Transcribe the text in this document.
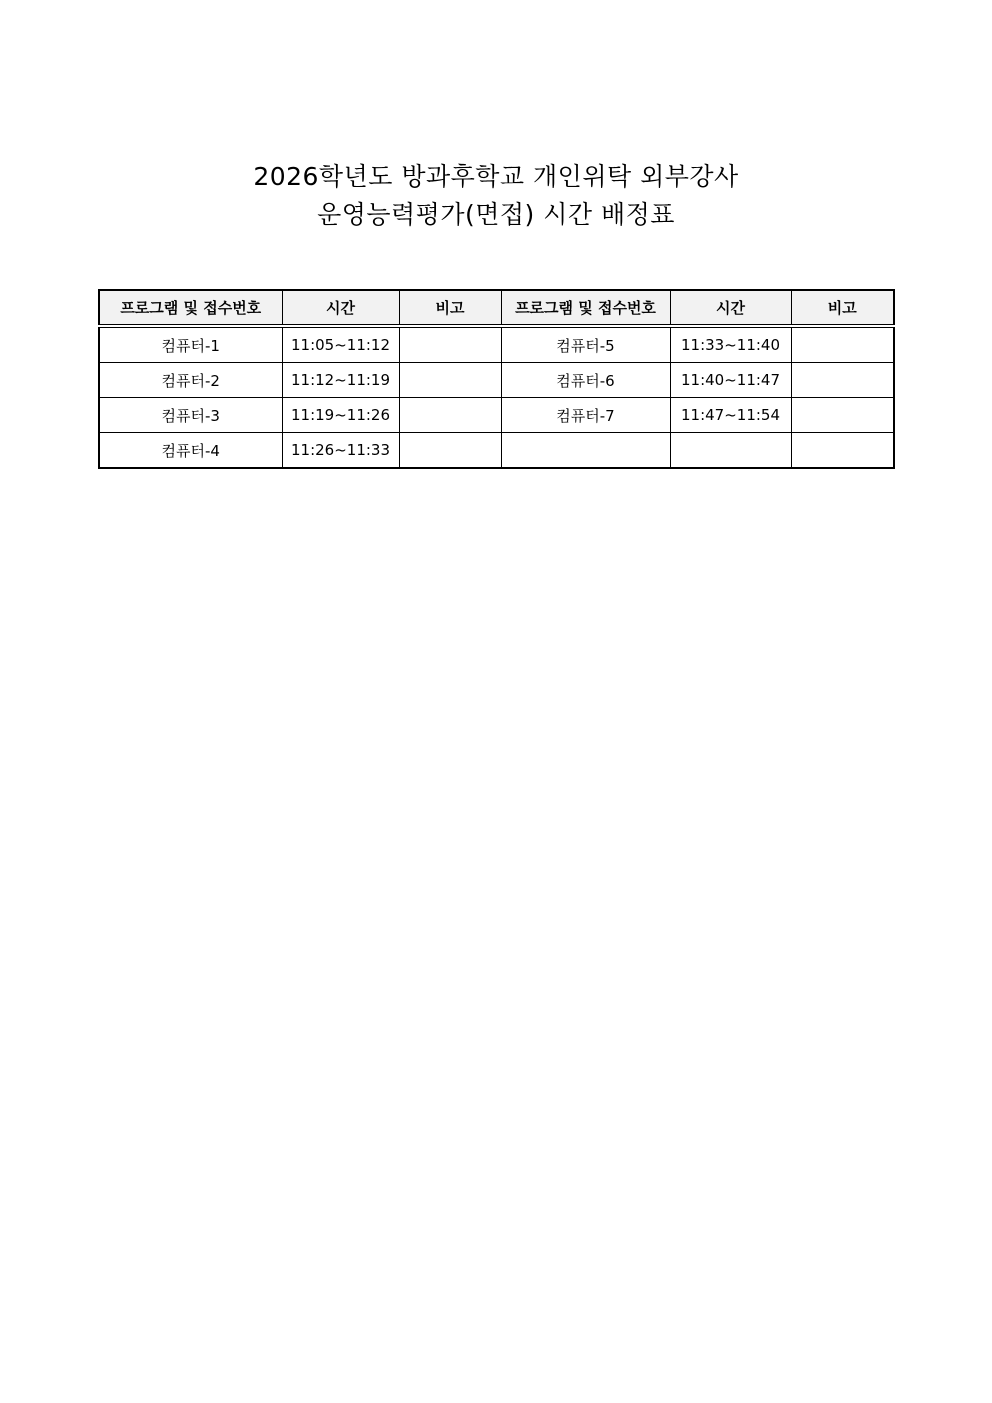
2026학년도 방과후학교 개인위탁 외부강사
운영능력평가(면접) 시간 배정표
프로그램 및 접수번호	시간	비고	프로그램 및 접수번호	시간	비고
컴퓨터-1	11:05~11:12		컴퓨터-5	11:33~11:40	
컴퓨터-2	11:12~11:19		컴퓨터-6	11:40~11:47	
컴퓨터-3	11:19~11:26		컴퓨터-7	11:47~11:54	
컴퓨터-4	11:26~11:33				
